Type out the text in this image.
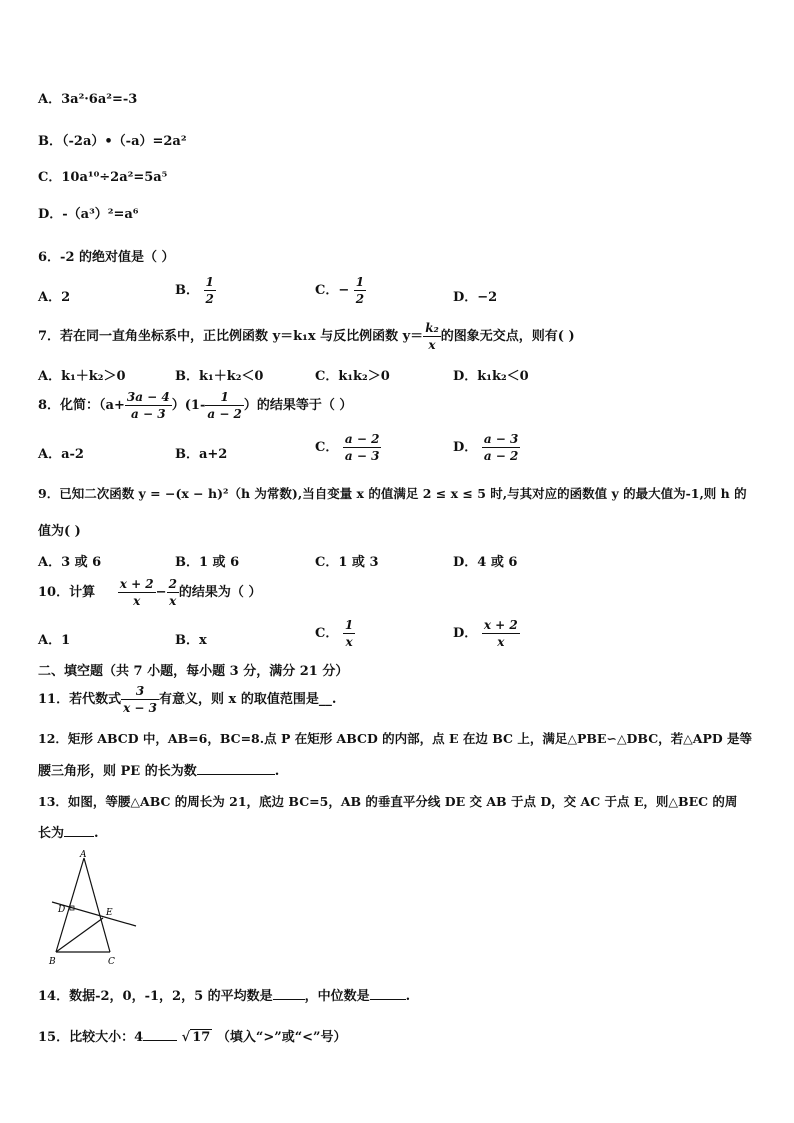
A．3a²·6a²=-3
B．（-2a）•（-a）=2a²
C．10a¹⁰÷2a²=5a⁵
D．-（a³）²=a⁶
6．-2 的绝对值是（ ）
A．2	B． $\frac{1}{2}$	C．− $\frac{1}{2}$	D．−2
7．若在同一直角坐标系中，正比例函数 y＝k₁x 与反比例函数 $y= \frac{\text{k₂}}{x}$ 的图象无交点，则有( )
A．k₁＋k₂＞0	B．k₁＋k₂＜0	C．k₁k₂＞0	D．k₁k₂＜0
8．化简：$(a+ \frac{3a - 4}{a - 3} )(1- \frac{1}{a - 2}$ ）的结果等于（ ）
A．a-2	B．a+2	C． $\frac{a - 2}{a - 3}$	D． $\frac{a - 3}{a - 2}$
9．已知二次函数 y = −(x − h)²（h 为常数),当自变量 x 的值满足 2 ≤ x ≤ 5 时,与其对应的函数值 y 的最大值为-1,则 h 的
值为( )
A．3 或 6	B．1 或 6	C．1 或 3	D．4 或 6
10．计算 $\frac{x + 2}{x} - \frac{2}{x}$ 的结果为（ ）
A．1	B．x	C． $\frac{1}{x}$	D． $\frac{x + 2}{x}$
二、填空题（共 7 小题，每小题 3 分，满分 21 分）
11．若代数式 $\frac{3}{x - 3}$ 有意义，则 x 的取值范围是__.
12．矩形 ABCD 中，AB=6，BC=8.点 P 在矩形 ABCD 的内部，点 E 在边 BC 上，满足△PBE∽△DBC，若△APD 是等
腰三角形，则 PE 的长为数	.
13．如图，等腰△ABC 的周长为 21，底边 BC=5，AB 的垂直平分线 DE 交 AB 于点 D，交 AC 于点 E，则△BEC 的周
长为 .
A
B	C
D	E
14．数据-2，0，-1，2，5 的平均数是 ，中位数是	.
15．比较大小：4	√ 17 （填入“>”或“<”号）
